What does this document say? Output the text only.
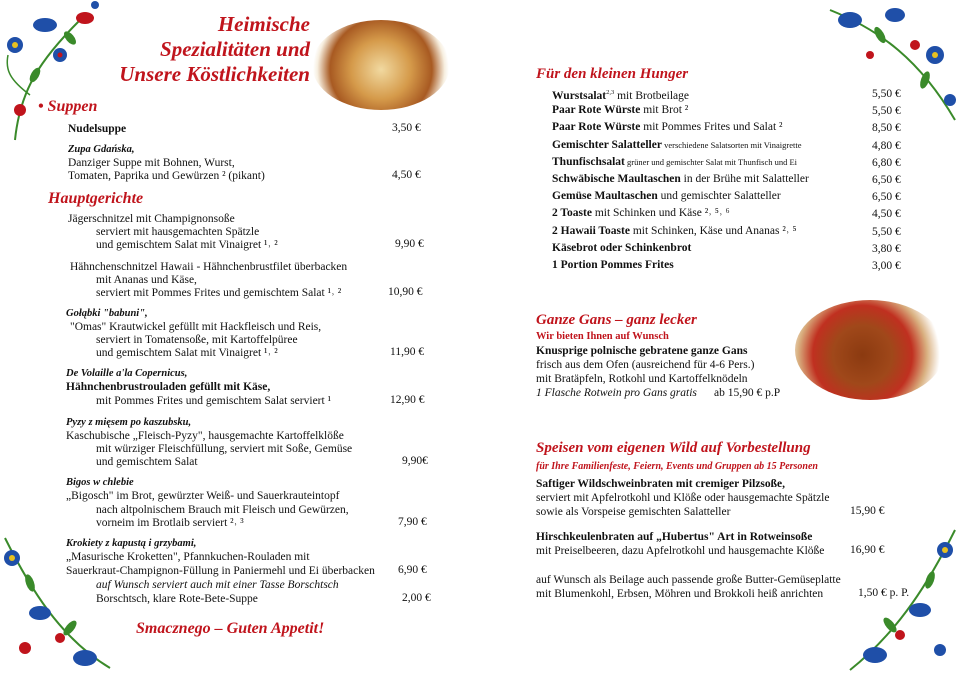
Heimische
Spezialitäten und
Unsere Köstlichkeiten
• Suppen
Nudelsuppe	3,50 €
Zupa Gdańska,
Danziger Suppe mit Bohnen, Wurst,
Tomaten, Paprika und Gewürzen ² (pikant)	4,50 €
Hauptgerichte
Jägerschnitzel mit Champignonsoße
serviert mit hausgemachten Spätzle
und gemischtem Salat mit Vinaigret ¹˒ ²	9,90 €
Hähnchenschnitzel Hawaii - Hähnchenbrustfilet überbacken
mit Ananas und Käse,
serviert mit Pommes Frites und gemischtem Salat ¹˒ ²	10,90 €
Gołąbki "babuni",
"Omas" Krautwickel gefüllt mit Hackfleisch und Reis,
serviert in Tomatensoße, mit Kartoffelpüree
und gemischtem Salat mit Vinaigret ¹˒ ²	11,90 €
De Volaille a'la Copernicus,
Hähnchenbrustrouladen gefüllt mit Käse,
mit Pommes Frites und gemischtem Salat serviert ¹	12,90 €
Pyzy z mięsem po kaszubsku,
Kaschubische „Fleisch-Pyzy", hausgemachte Kartoffelklöße
mit würziger Fleischfüllung, serviert mit Soße, Gemüse
und gemischtem Salat	9,90€
Bigos w chlebie
„Bigosch" im Brot, gewürzter Weiß- und Sauerkrauteintopf
nach altpolnischem Brauch mit Fleisch und Gewürzen,
vorneim im Brotlaib serviert ²˒ ³	7,90 €
Krokiety z kapustą i grzybami,
„Masurische Kroketten", Pfannkuchen-Rouladen mit
Sauerkraut-Champignon-Füllung in Paniermehl und Ei überbacken 6,90 €
auf Wunsch serviert auch mit einer Tasse Borschtsch
Borschtsch, klare Rote-Bete-Suppe	2,00 €
Smacznego – Guten Appetit!
Für den kleinen Hunger
Wurstsalat$^{2,3}$ mit Brotbeilage	5,50 €
Paar Rote Würste mit Brot ²	5,50 €
Paar Rote Würste mit Pommes Frites und Salat ²	8,50 €
Gemischter Salatteller verschiedene Salatsorten mit Vinaigrette	4,80 €
Thunfischsalat grüner und gemischter Salat mit Thunfisch und Ei	6,80 €
Schwäbische Maultaschen in der Brühe mit Salatteller	6,50 €
Gemüse Maultaschen und gemischter Salatteller	6,50 €
2 Toaste mit Schinken und Käse ²˒ ⁵˒ ⁶	4,50 €
2 Hawaii Toaste mit Schinken, Käse und Ananas ²˒ ⁵	5,50 €
Käsebrot oder Schinkenbrot	3,80 €
1 Portion Pommes Frites	3,00 €
Ganze Gans – ganz lecker
Wir bieten Ihnen auf Wunsch
Knusprige polnische gebratene ganze Gans
frisch aus dem Ofen (ausreichend für 4-6 Pers.)
mit Bratäpfeln, Rotkohl und Kartoffelknödeln
1 Flasche Rotwein pro Gans gratis ab 15,90 € p.P
Speisen vom eigenen Wild auf Vorbestellung
für Ihre Familienfeste, Feiern, Events und Gruppen ab 15 Personen
Saftiger Wildschweinbraten mit cremiger Pilzsoße,
serviert mit Apfelrotkohl und Klöße oder hausgemachte Spätzle
sowie als Vorspeise gemischten Salatteller	15,90 €
Hirschkeulenbraten auf „Hubertus" Art in Rotweinsoße
mit Preiselbeeren, dazu Apfelrotkohl und hausgemachte Klöße 16,90 €
auf Wunsch als Beilage auch passende große Butter-Gemüseplatte
mit Blumenkohl, Erbsen, Möhren und Brokkoli heiß anrichten	1,50 € p. P.
